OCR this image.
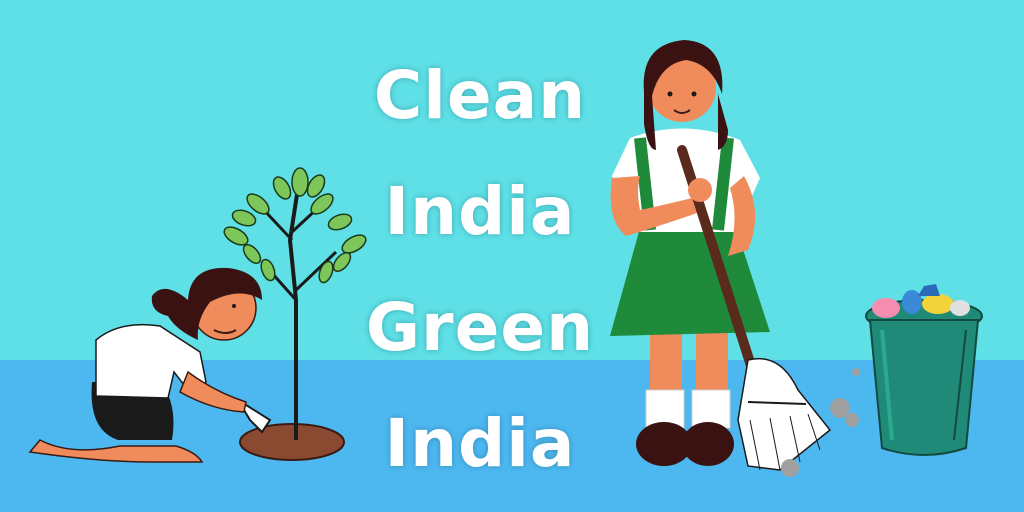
Clean
India
Green
India
